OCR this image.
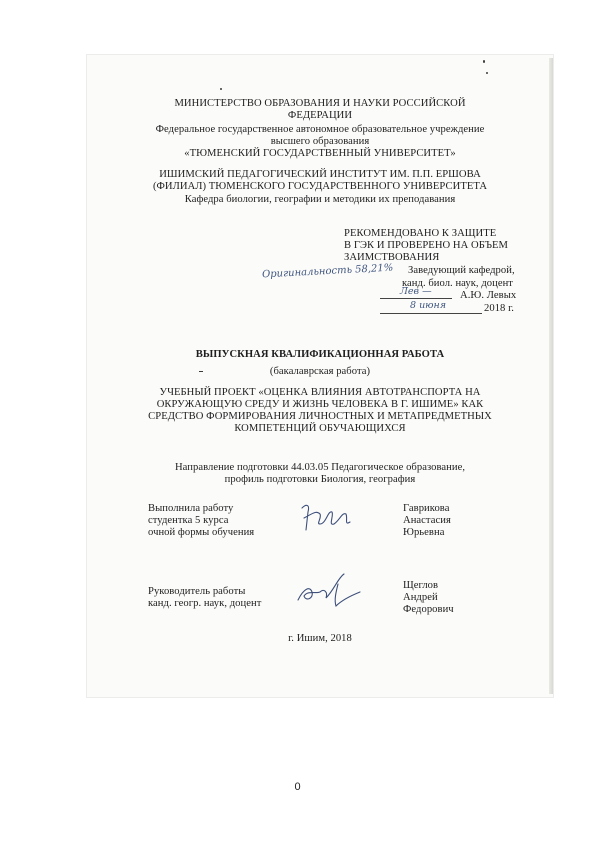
МИНИСТЕРСТВО ОБРАЗОВАНИЯ И НАУКИ РОССИЙСКОЙ
ФЕДЕРАЦИИ
Федеральное государственное автономное образовательное учреждение
высшего образования
«ТЮМЕНСКИЙ ГОСУДАРСТВЕННЫЙ УНИВЕРСИТЕТ»
ИШИМСКИЙ ПЕДАГОГИЧЕСКИЙ ИНСТИТУТ ИМ. П.П. ЕРШОВА
(ФИЛИАЛ) ТЮМЕНСКОГО ГОСУДАРСТВЕННОГО УНИВЕРСИТЕТА
Кафедра биологии, географии и методики их преподавания
РЕКОМЕНДОВАНО К ЗАЩИТЕ
В ГЭК И ПРОВЕРЕНО НА ОБЪЕМ
ЗАИМСТВОВАНИЯ
Оригинальность 58,21% Заведующий кафедрой,
канд. биол. наук, доцент
Лев —	А.Ю. Левых
8 июня	2018 г.
ВЫПУСКНАЯ КВАЛИФИКАЦИОННАЯ РАБОТА
(бакалаврская работа)
УЧЕБНЫЙ ПРОЕКТ «ОЦЕНКА ВЛИЯНИЯ АВТОТРАНСПОРТА НА
ОКРУЖАЮЩУЮ СРЕДУ И ЖИЗНЬ ЧЕЛОВЕКА В Г. ИШИМЕ» КАК
СРЕДСТВО ФОРМИРОВАНИЯ ЛИЧНОСТНЫХ И МЕТАПРЕДМЕТНЫХ
КОМПЕТЕНЦИЙ ОБУЧАЮЩИХСЯ
Направление подготовки 44.03.05 Педагогическое образование,
профиль подготовки Биология, география
Выполнила работу
студентка 5 курса
очной формы обучения
Гаврикова
Анастасия
Юрьевна
Руководитель работы
канд. геогр. наук, доцент
Щеглов
Андрей
Федорович
г. Ишим, 2018
0
